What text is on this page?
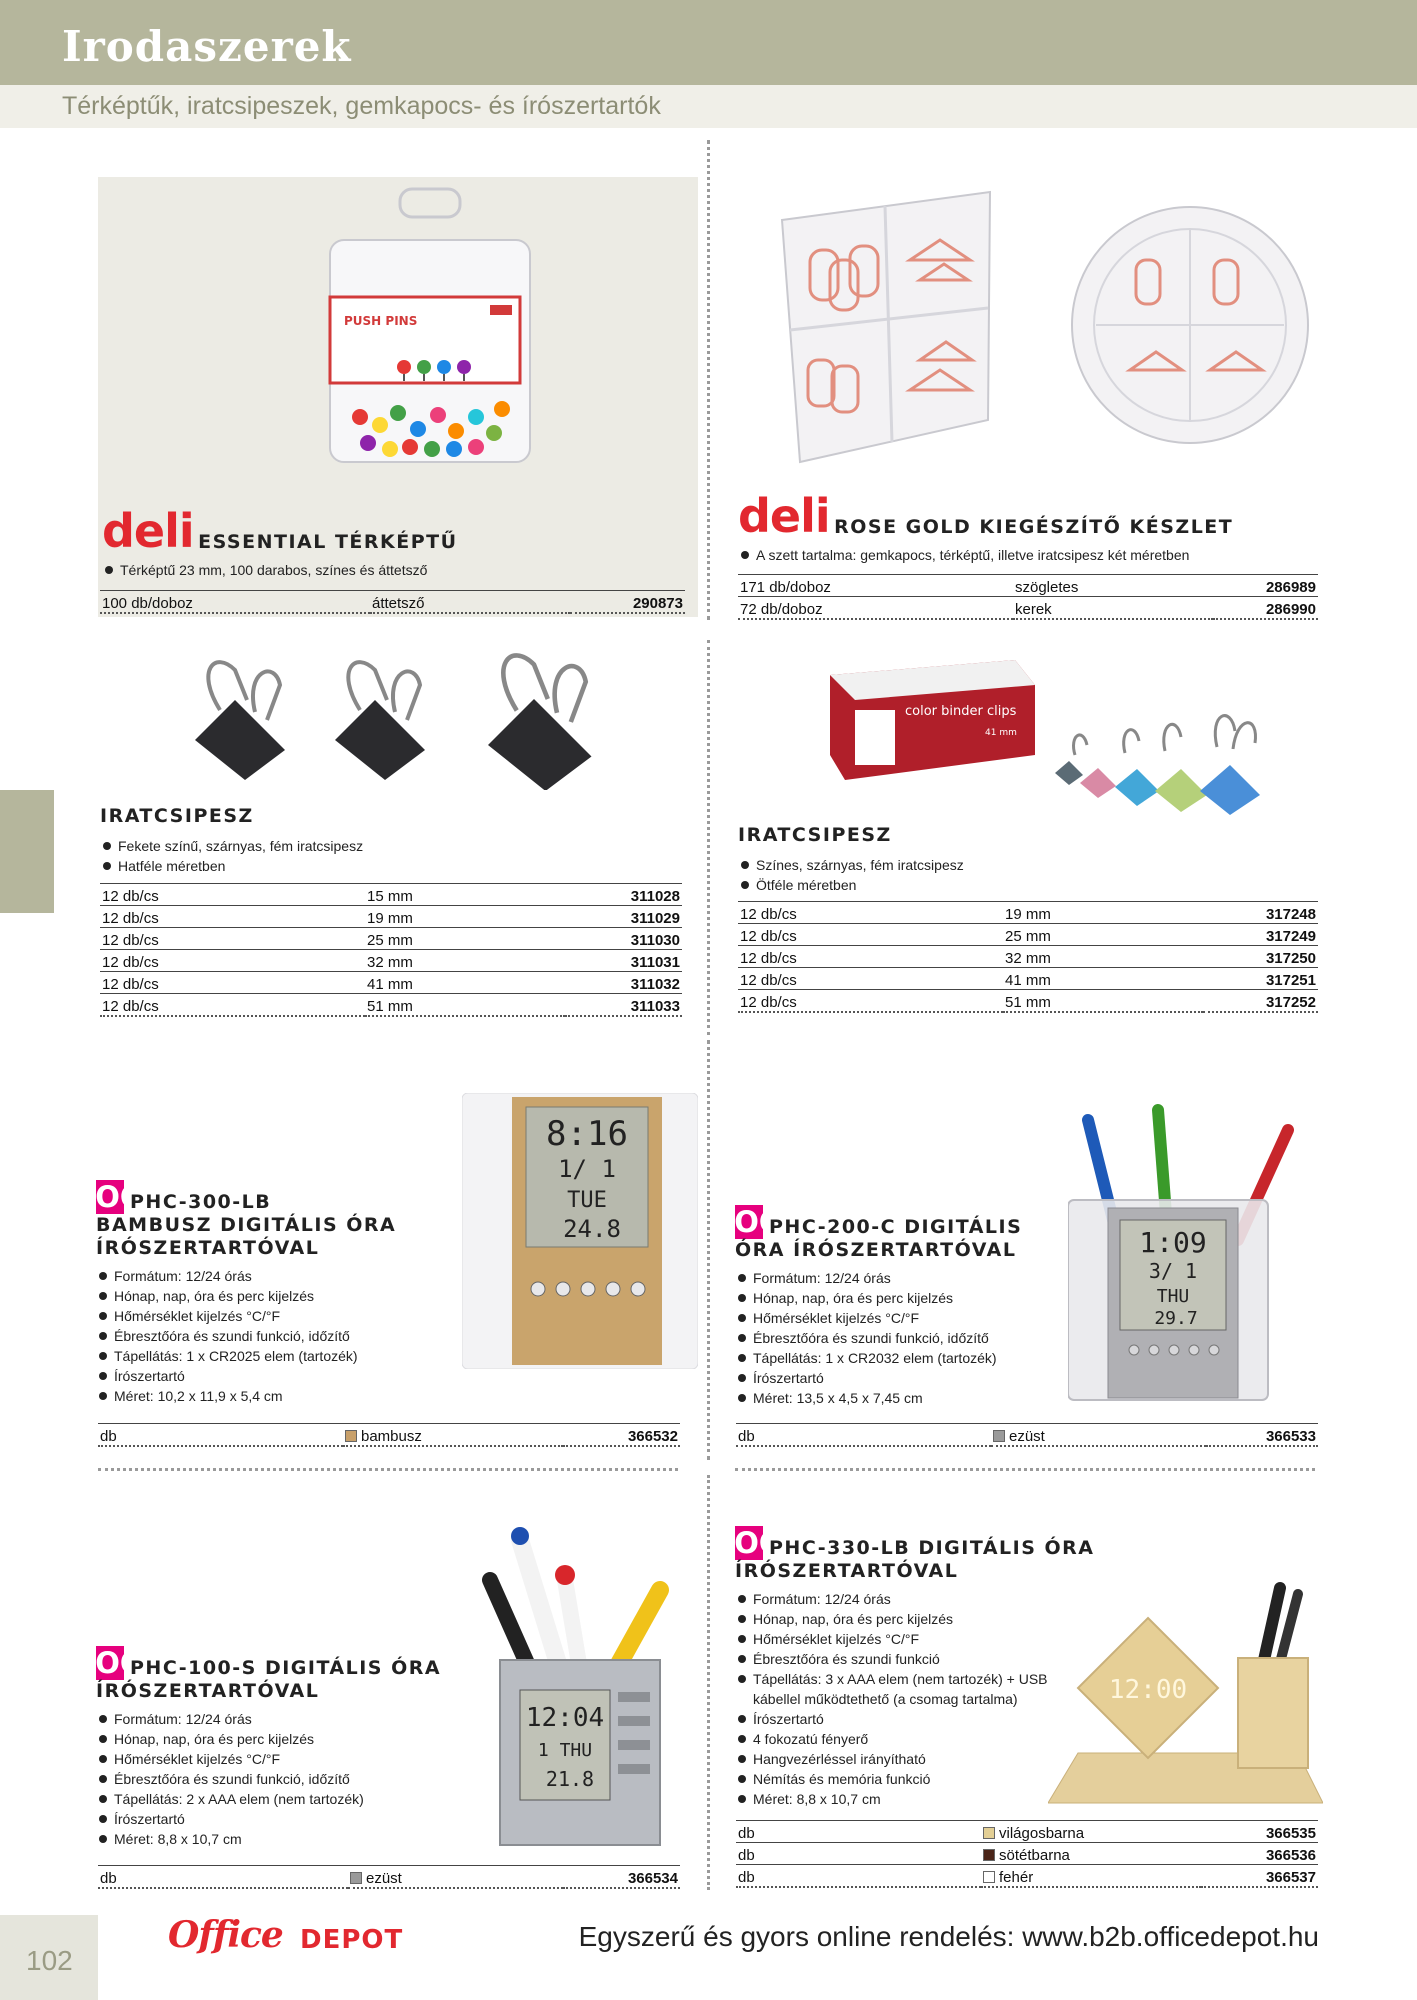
Irodaszerek
Térképtűk, iratcsipeszek, gemkapocs- és írószertartók
PUSH PINS
deli ESSENTIAL TÉRKÉPTŰ
Térképtű 23 mm, 100 darabos, színes és áttetsző
100 db/doboz	áttetsző	290873
deli ROSE GOLD KIEGÉSZÍTŐ KÉSZLET
A szett tartalma: gemkapocs, térképtű, illetve iratcsipesz két méretben
171 db/doboz	szögletes	286989
72 db/doboz	kerek	286990
IRATCSIPESZ
Fekete színű, szárnyas, fém iratcsipesz
Hatféle méretben
12 db/cs	15 mm	311028
12 db/cs	19 mm	311029
12 db/cs	25 mm	311030
12 db/cs	32 mm	311031
12 db/cs	41 mm	311032
12 db/cs	51 mm	311033
color binder clips
41 mm
IRATCSIPESZ
Színes, szárnyas, fém iratcsipesz
Ötféle méretben
12 db/cs	19 mm	317248
12 db/cs	25 mm	317249
12 db/cs	32 mm	317250
12 db/cs	41 mm	317251
12 db/cs	51 mm	317252
8:16
1/ 1
TUE
24.8
TOO
PHC-300-LB
BAMBUSZ DIGITÁLIS ÓRA
ÍRÓSZERTARTÓVAL
Formátum: 12/24 órás
Hónap, nap, óra és perc kijelzés
Hőmérséklet kijelzés °C/°F
Ébresztőóra és szundi funkció, időzítő
Tápellátás: 1 x CR2025 elem (tartozék)
Írószertartó
Méret: 10,2 x 11,9 x 5,4 cm
db	bambusz	366532
1:09
3/ 1
THU
29.7
TOO
PHC-200-C DIGITÁLIS
ÓRA ÍRÓSZERTARTÓVAL
Formátum: 12/24 órás
Hónap, nap, óra és perc kijelzés
Hőmérséklet kijelzés °C/°F
Ébresztőóra és szundi funkció, időzítő
Tápellátás: 1 x CR2032 elem (tartozék)
Írószertartó
Méret: 13,5 x 4,5 x 7,45 cm
db	ezüst	366533
12:04
1 THU
21.8
TOO
PHC-100-S DIGITÁLIS ÓRA
ÍRÓSZERTARTÓVAL
Formátum: 12/24 órás
Hónap, nap, óra és perc kijelzés
Hőmérséklet kijelzés °C/°F
Ébresztőóra és szundi funkció, időzítő
Tápellátás: 2 x AAA elem (nem tartozék)
Írószertartó
Méret: 8,8 x 10,7 cm
db	ezüst	366534
12:00
TOO
PHC-330-LB DIGITÁLIS ÓRA
ÍRÓSZERTARTÓVAL
Formátum: 12/24 órás
Hónap, nap, óra és perc kijelzés
Hőmérséklet kijelzés °C/°F
Ébresztőóra és szundi funkció
Tápellátás: 3 x AAA elem (nem tartozék) + USB kábellel működtethető (a csomag tartalma)
Írószertartó
4 fokozatú fényerő
Hangvezérléssel irányítható
Némítás és memória funkció
Méret: 8,8 x 10,7 cm
db	világosbarna	366535
db	sötétbarna	366536
db	fehér	366537
102
Office DEPOT	Egyszerű és gyors online rendelés: www.b2b.officedepot.hu
